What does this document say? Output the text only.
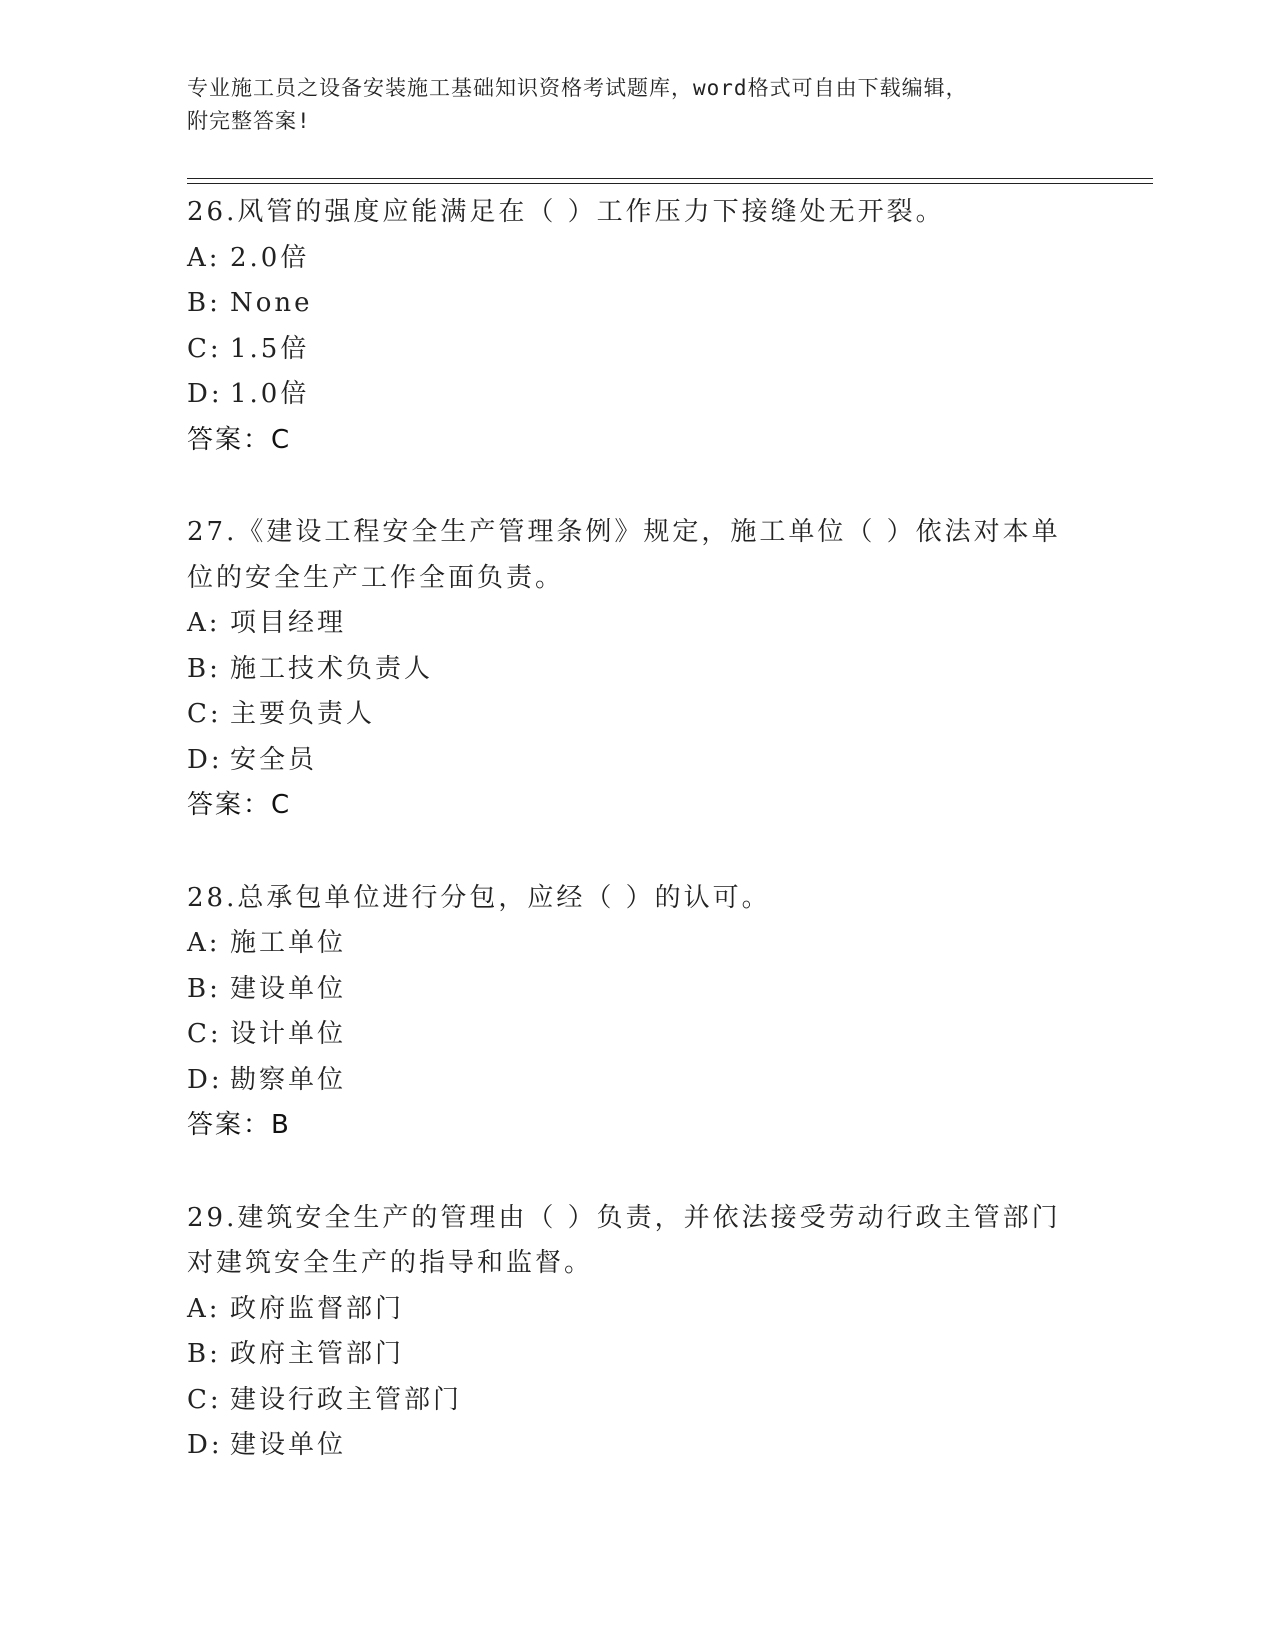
专业施工员之设备安装施工基础知识资格考试题库，word格式可自由下载编辑，
附完整答案!
26.风管的强度应能满足在（ ）工作压力下接缝处无开裂。
A: 2.0倍
B: None
C: 1.5倍
D: 1.0倍
答案：C
27.《建设工程安全生产管理条例》规定，施工单位（ ）依法对本单位的安全生产工作全面负责。
A: 项目经理
B: 施工技术负责人
C: 主要负责人
D: 安全员
答案：C
28.总承包单位进行分包，应经（ ）的认可。
A: 施工单位
B: 建设单位
C: 设计单位
D: 勘察单位
答案：B
29.建筑安全生产的管理由（ ）负责，并依法接受劳动行政主管部门对建筑安全生产的指导和监督。
A: 政府监督部门
B: 政府主管部门
C: 建设行政主管部门
D: 建设单位
